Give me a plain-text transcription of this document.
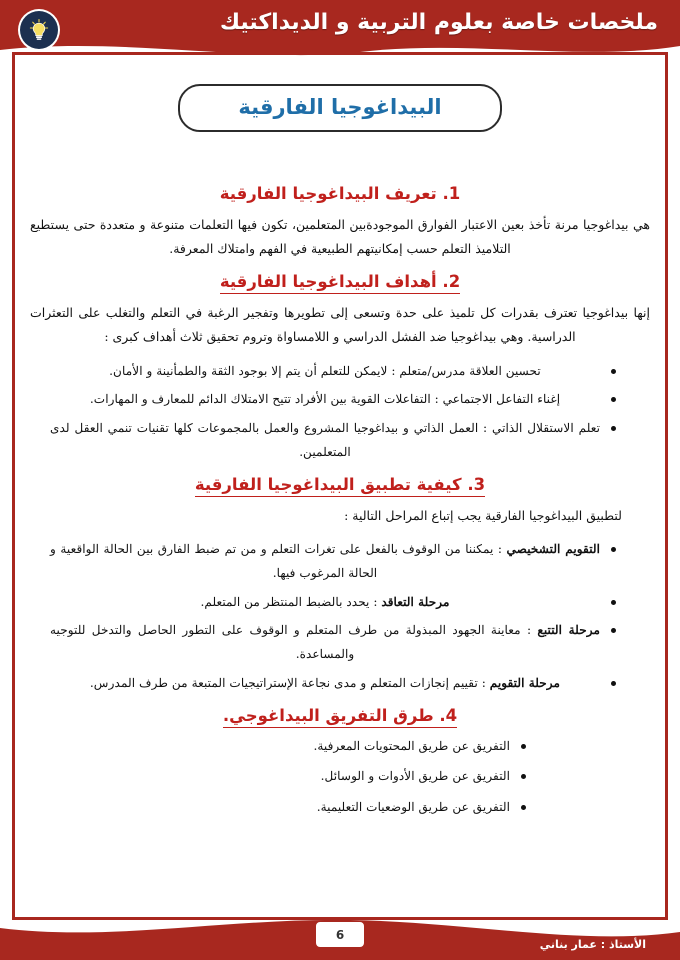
ملخصات خاصة بعلوم التربية و الديداكتيك
البيداغوجيا الفارقية
1. تعريف البيداغوجيا الفارقية

هي بيداغوجيا مرنة تأخذ بعين الاعتبار الفوارق الموجودةبين المتعلمين، تكون فيها التعلمات متنوعة و متعددة حتى يستطيع التلاميذ التعلم حسب إمكانيتهم الطبيعية في الفهم وامتلاك المعرفة.

2. أهداف البيداغوجيا الفارقية

إنها بيداغوجيا تعترف بقدرات كل تلميذ على حدة وتسعى إلى تطويرها وتفجير الرغبة في التعلم والتغلب على التعثرات الدراسية. وهي بيداغوجيا ضد الفشل الدراسي و اللامساواة وتروم تحقيق ثلاث أهداف كبرى :

تحسين العلاقة مدرس/متعلم : لايمكن للتعلم أن يتم إلا بوجود الثقة والطمأنينة و الأمان.
إغناء التفاعل الاجتماعي : التفاعلات القوية بين الأفراد تتيح الامتلاك الدائم للمعارف و المهارات.
تعلم الاستقلال الذاتي : العمل الذاتي و بيداغوجيا المشروع والعمل بالمجموعات كلها تقنيات تنمي العقل لدى المتعلمين.
3. كيفية تطبيق البيداغوجيا الفارقية

لتطبيق البيداغوجيا الفارقية يجب إتباع المراحل التالية :

التقويم التشخيصي : يمكننا من الوقوف بالفعل على تغرات التعلم و من تم ضبط الفارق بين الحالة الواقعية و الحالة المرغوب فيها.
مرحلة التعاقد : يحدد بالضبط المنتظر من المتعلم.
مرحلة التتبع : معاينة الجهود المبذولة من طرف المتعلم و الوقوف على التطور الحاصل والتدخل للتوجيه والمساعدة.
مرحلة التقويم : تقييم إنجازات المتعلم و مدى نجاعة الإستراتيجيات المتبعة من طرف المدرس.
4. طرق التفريق البيداغوجي.
التفريق عن طريق المحتويات المعرفية.
التفريق عن طريق الأدوات و الوسائل.
التفريق عن طريق الوضعيات التعليمية.
الأستاذ : عمار بناني
6
